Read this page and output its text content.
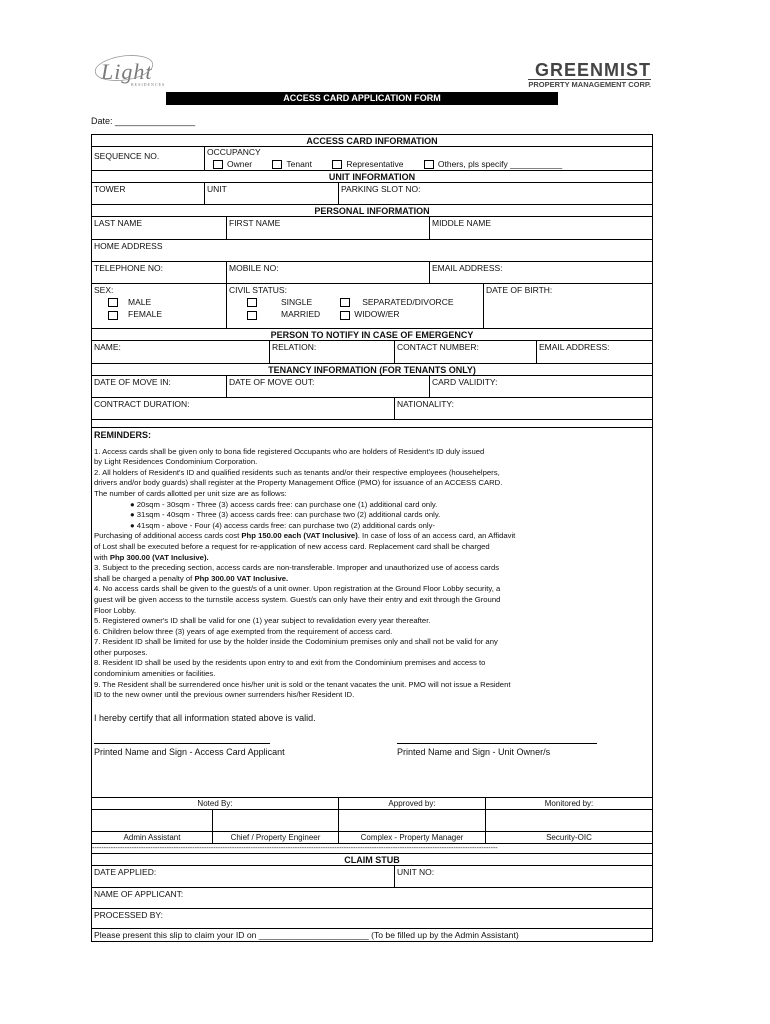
Light
RESIDENCES
GREENMIST
PROPERTY MANAGEMENT CORP.
Date: ________________
ACCESS CARD INFORMATION
SEQUENCE NO.	OCCUPANCY
Owner	Tenant	Representative	Others, pls specify ___________
UNIT INFORMATION
TOWER	UNIT	PARKING SLOT NO:
PERSONAL INFORMATION
LAST NAME	FIRST NAME	MIDDLE NAME
HOME ADDRESS
TELEPHONE NO:	MOBILE NO:	EMAIL ADDRESS:
SEX:
MALE
FEMALE
CIVIL STATUS:
SINGLE	SEPARATED/DIVORCE
MARRIED	WIDOW/ER
DATE OF BIRTH:
PERSON TO NOTIFY IN CASE OF EMERGENCY
NAME:	RELATION:	CONTACT NUMBER:	EMAIL ADDRESS:
TENANCY INFORMATION (FOR TENANTS ONLY)
DATE OF MOVE IN:	DATE OF MOVE OUT:	CARD VALIDITY:
CONTRACT DURATION:	NATIONALITY:
REMINDERS:

1. Access cards shall be given only to bona fide registered Occupants who are holders of Resident's ID duly issued

by Light Residences Condominium Corporation.

2. All holders of Resident's ID and qualified residents such as tenants and/or their respective employees (househelpers,

drivers and/or body guards) shall register at the Property Management Office (PMO) for issuance of an ACCESS CARD.

The number of cards allotted per unit size are as follows:

● 20sqm - 30sqm - Three (3) access cards free: can purchase one (1) additional card only.

● 31sqm - 40sqm - Three (3) access cards free: can purchase two (2) additional cards only.

● 41sqm - above - Four (4) access cards free: can purchase two (2) additional cards only-

Purchasing of additional access cards cost Php 150.00 each (VAT Inclusive). In case of loss of an access card, an Affidavit

of Lost shall be executed before a request for re-application of new access card. Replacement card shall be charged

with Php 300.00 (VAT Inclusive).

3. Subject to the preceding section, access cards are non-transferable. Improper and unauthorized use of access cards

shall be charged a penalty of Php 300.00 VAT Inclusive.

4. No access cards shall be given to the guest/s of a unit owner. Upon registration at the Ground Floor Lobby security, a

guest will be given access to the turnstile access system. Guest/s can only have their entry and exit through the Ground

Floor Lobby.

5. Registered owner's ID shall be valid for one (1) year subject to revalidation every year thereafter.

6. Children below three (3) years of age exempted from the requirement of access card.

7. Resident ID shall be limited for use by the holder inside the Codominium premises only and shall not be valid for any

other purposes.

8. Resident ID shall be used by the residents upon entry to and exit from the Condominium premises and access to

condominium amenities or facilities.

9. The Resident shall be surrendered once his/her unit is sold or the tenant vacates the unit. PMO will not issue a Resident

ID to the new owner until the previous owner surrenders his/her Resident ID.

I hereby certify that all information stated above is valid.
Printed Name and Sign - Access Card Applicant	Printed Name and Sign - Unit Owner/s
Noted By:	Approved by:	Monitored by:
Admin Assistant	Chief / Property Engineer	Complex - Property Manager	Security-OIC
------------------------------------------------------------------------------------------------------------------------------------------------------------------------------
CLAIM STUB
DATE APPLIED:	UNIT NO:
NAME OF APPLICANT:
PROCESSED BY:
Please present this slip to claim your ID on _______________________ (To be filled up by the Admin Assistant)
ACCESS CARD APPLICATION FORM
